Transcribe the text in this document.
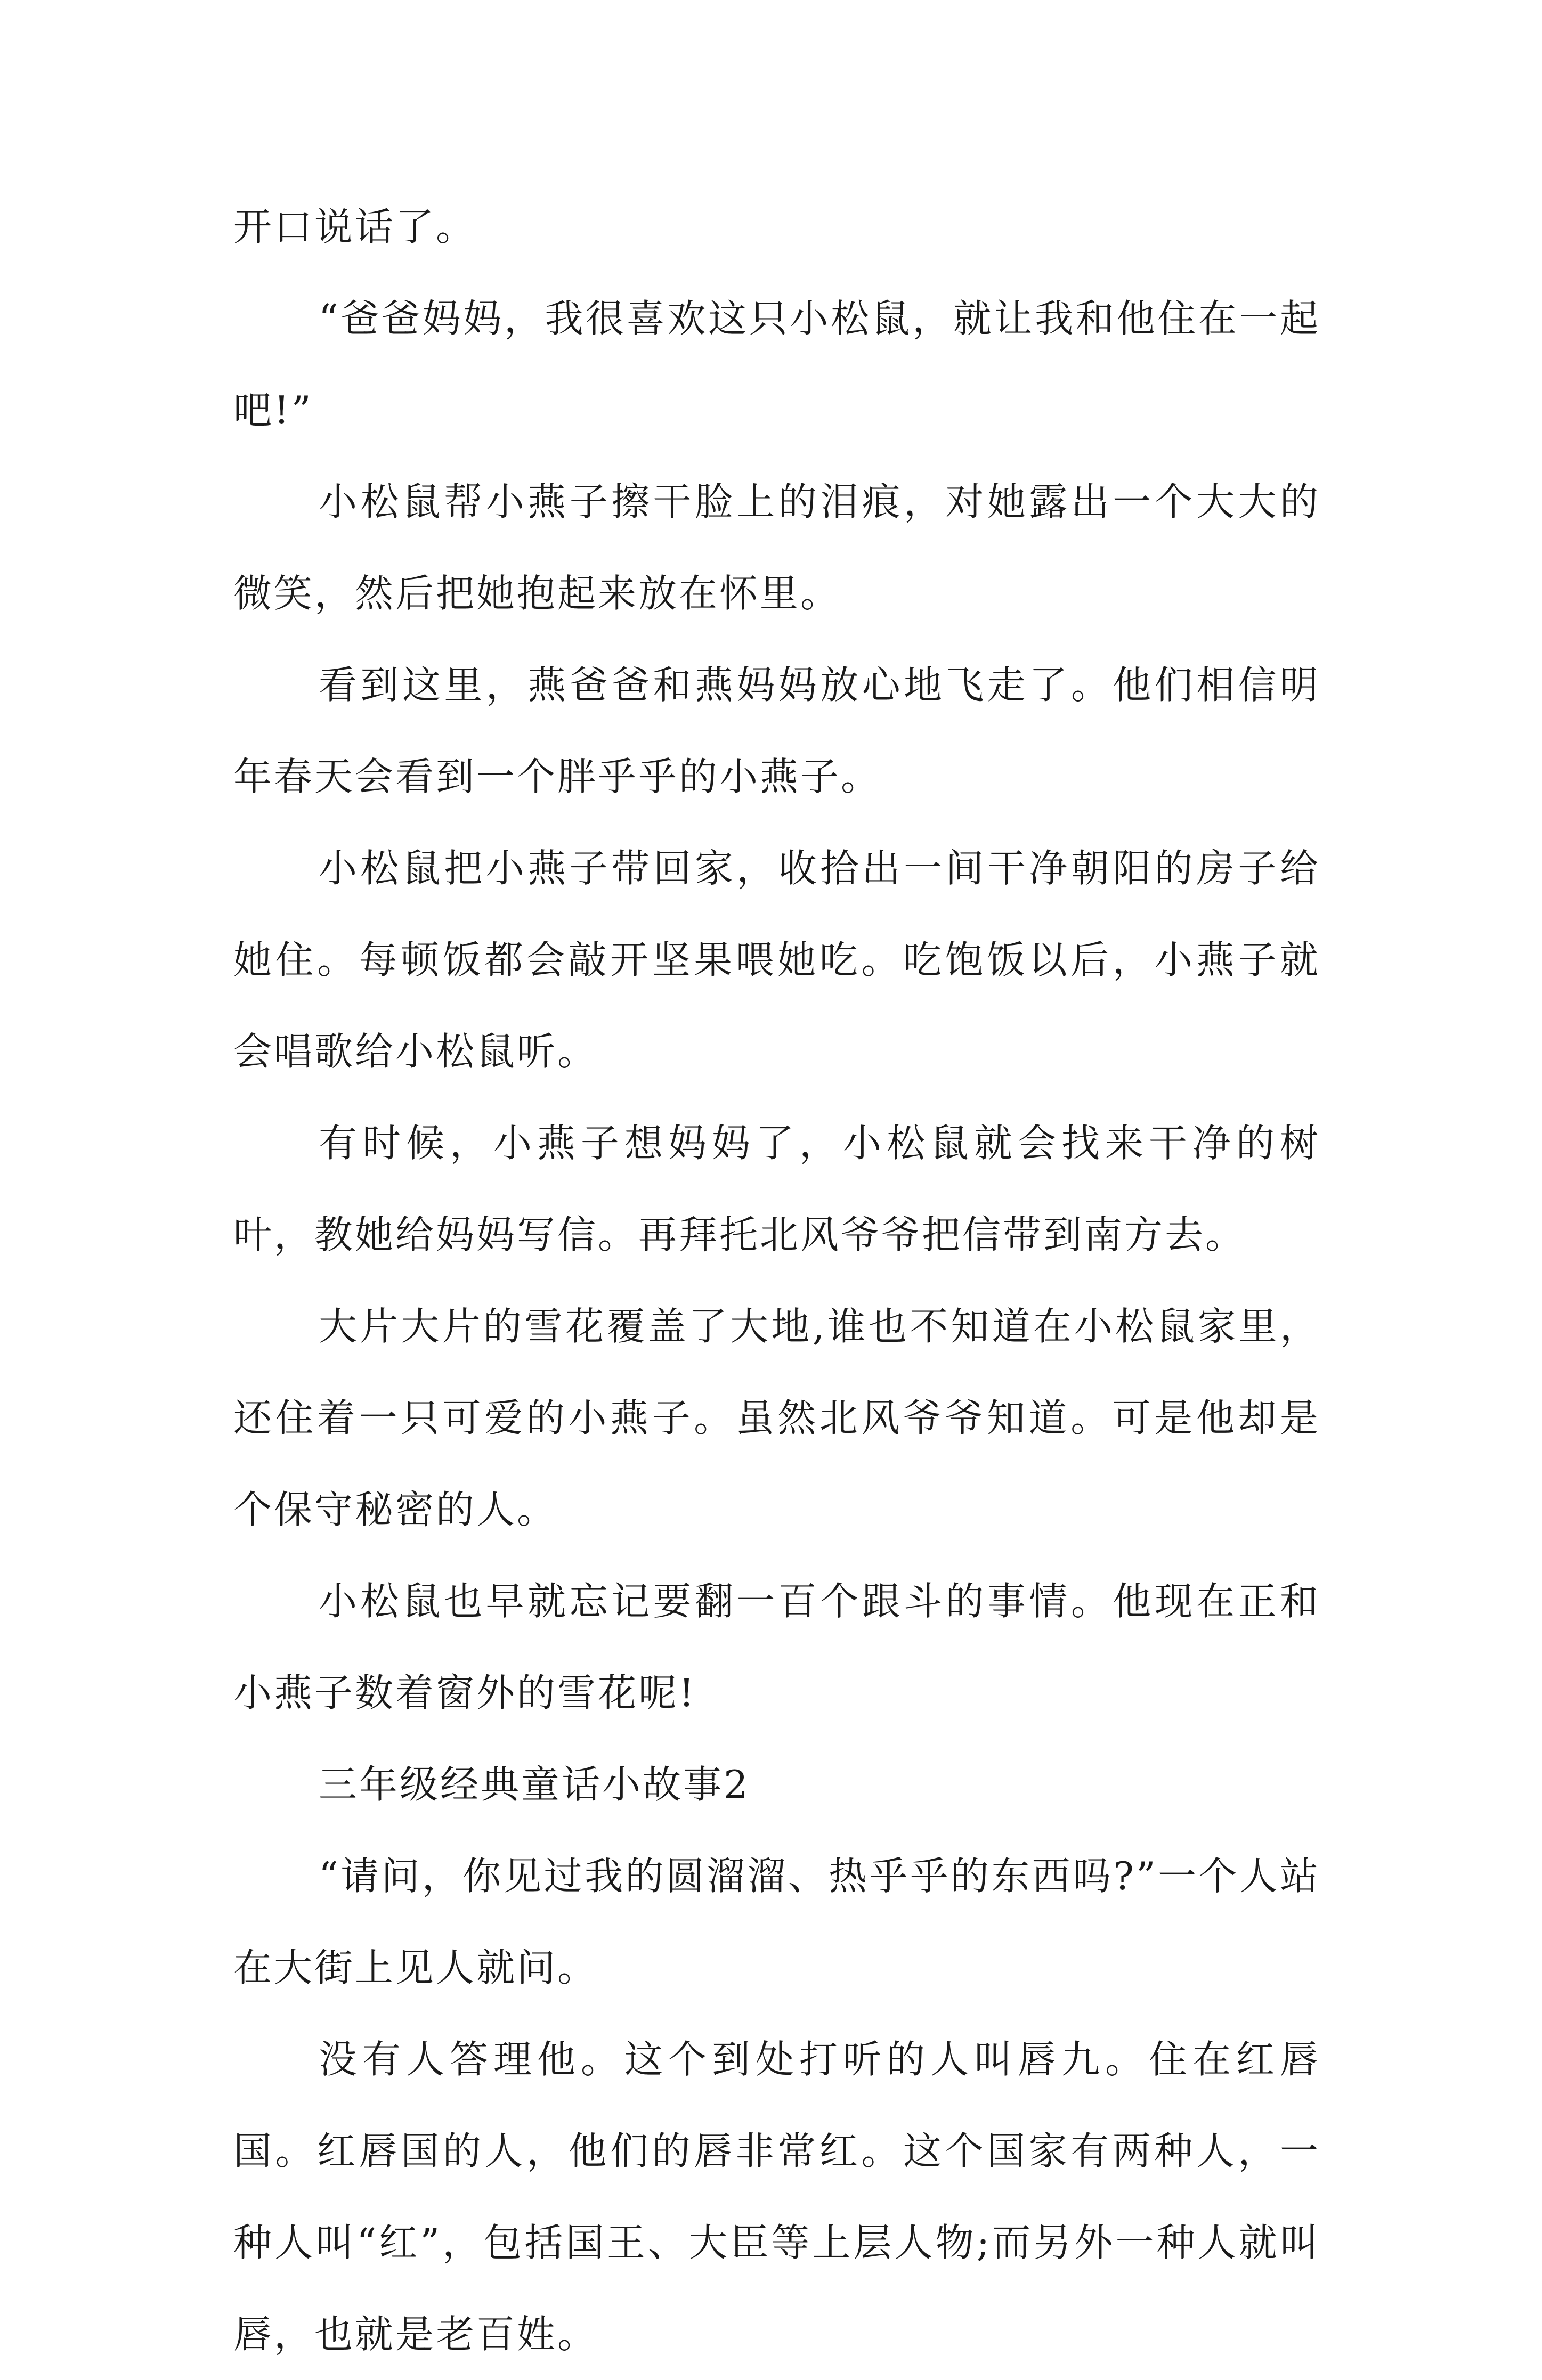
开口说话了。

“爸爸妈妈，我很喜欢这只小松鼠，就让我和他住在一起吧!”

小松鼠帮小燕子擦干脸上的泪痕，对她露出一个大大的微笑，然后把她抱起来放在怀里。

看到这里，燕爸爸和燕妈妈放心地飞走了。他们相信明年春天会看到一个胖乎乎的小燕子。

小松鼠把小燕子带回家，收拾出一间干净朝阳的房子给她住。每顿饭都会敲开坚果喂她吃。吃饱饭以后，小燕子就会唱歌给小松鼠听。

有时候，小燕子想妈妈了，小松鼠就会找来干净的树叶，教她给妈妈写信。再拜托北风爷爷把信带到南方去。

大片大片的雪花覆盖了大地,谁也不知道在小松鼠家里，还住着一只可爱的小燕子。虽然北风爷爷知道。可是他却是个保守秘密的人。

小松鼠也早就忘记要翻一百个跟斗的事情。他现在正和小燕子数着窗外的雪花呢!

三年级经典童话小故事2

“请问，你见过我的圆溜溜、热乎乎的东西吗?”一个人站在大街上见人就问。

没有人答理他。这个到处打听的人叫唇九。住在红唇国。红唇国的人，他们的唇非常红。这个国家有两种人，一种人叫“红”，包括国王、大臣等上层人物;而另外一种人就叫唇，也就是老百姓。
